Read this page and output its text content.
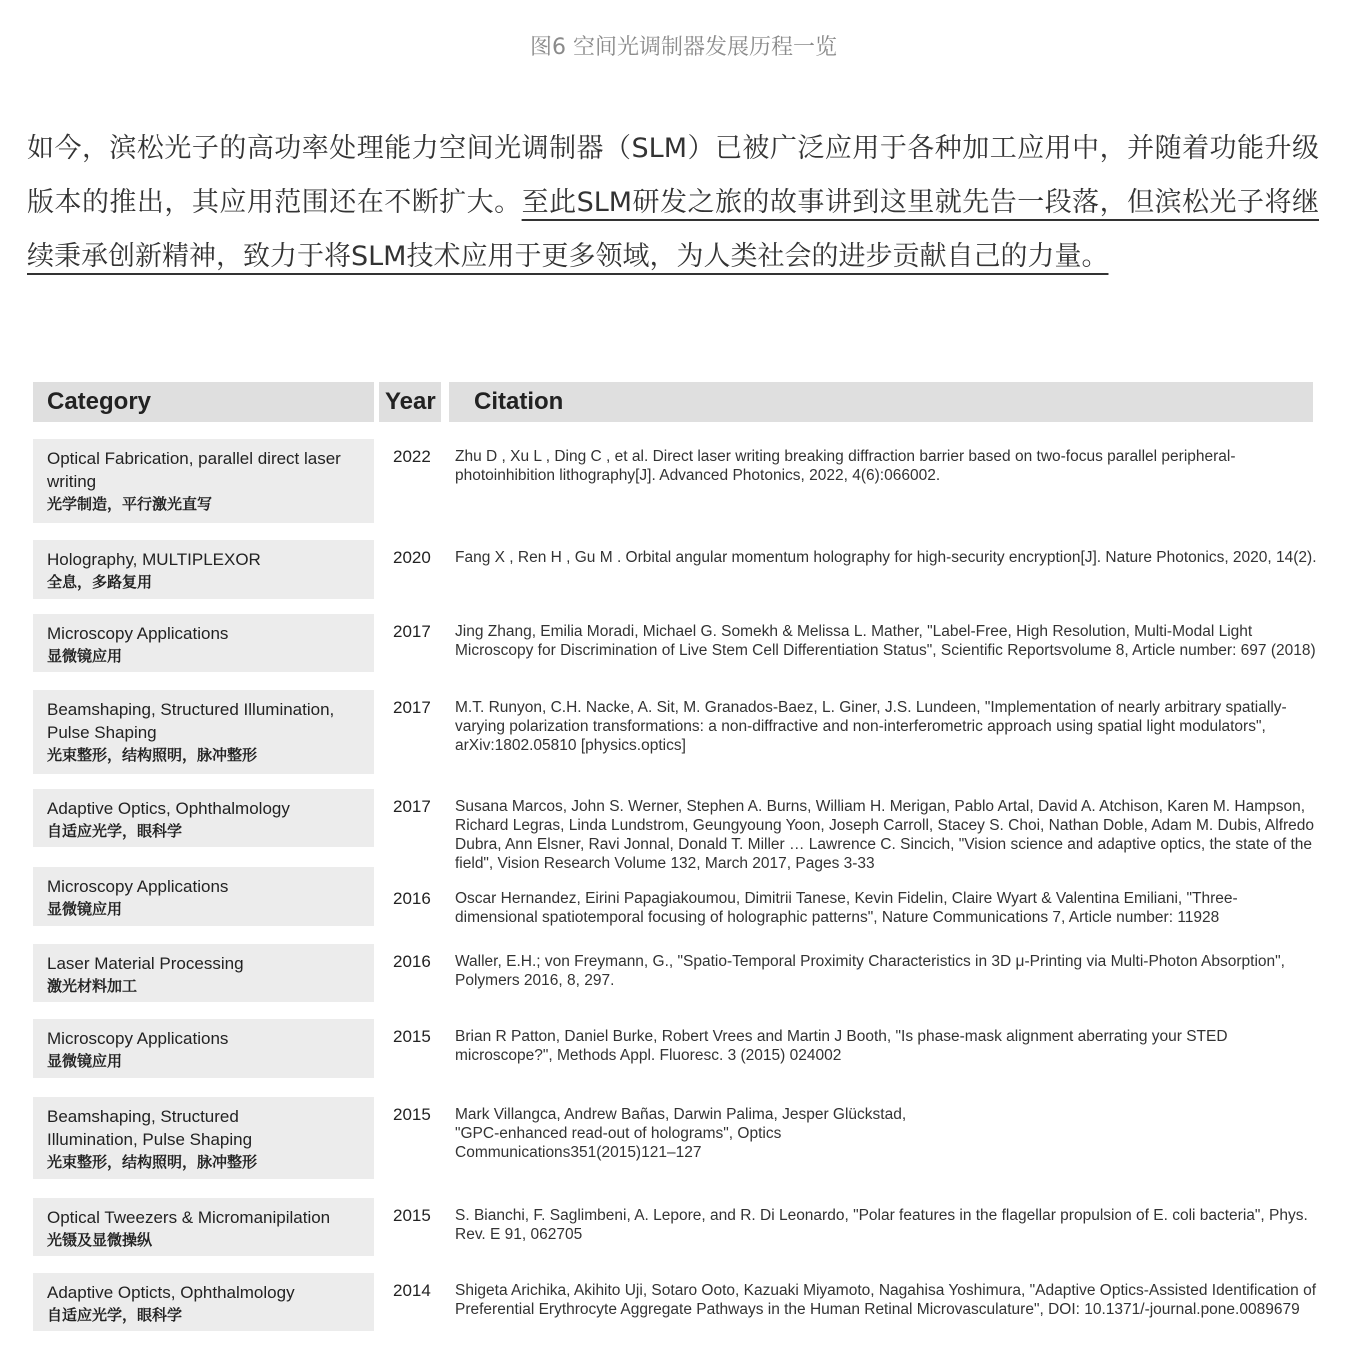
图6 空间光调制器发展历程一览

如今，滨松光子的高功率处理能力空间光调制器（SLM）已被广泛应用于各种加工应用中，并随着功能升级版本的推出，其应用范围还在不断扩大。至此SLM研发之旅的故事讲到这里就先告一段落，但滨松光子将继续秉承创新精神，致力于将SLM技术应用于更多领域，为人类社会的进步贡献自己的力量。

Category	Year	Citation
Optical Fabrication, parallel direct laser writing
光学制造，平行激光直写
2022 Zhu D , Xu L , Ding C , et al. Direct laser writing breaking diffraction barrier based on two-focus parallel peripheral-photoinhibition lithography[J]. Advanced Photonics, 2022, 4(6):066002.
Holography, MULTIPLEXOR
全息，多路复用
2020 Fang X , Ren H , Gu M . Orbital angular momentum holography for high-security encryption[J]. Nature Photonics, 2020, 14(2).
Microscopy Applications
显微镜应用
2017 Jing Zhang, Emilia Moradi, Michael G. Somekh & Melissa L. Mather, "Label-Free, High Resolution, Multi-Modal Light Microscopy for Discrimination of Live Stem Cell Differentiation Status", Scientific Reportsvolume 8, Article number: 697 (2018)
Beamshaping, Structured Illumination, Pulse Shaping
光束整形，结构照明，脉冲整形
2017 M.T. Runyon, C.H. Nacke, A. Sit, M. Granados-Baez, L. Giner, J.S. Lundeen, "Implementation of nearly arbitrary spatially-varying polarization transformations: a non-diffractive and non-interferometric approach using spatial light modulators", arXiv:1802.05810 [physics.optics]
Adaptive Optics, Ophthalmology
自适应光学，眼科学
2017 Susana Marcos, John S. Werner, Stephen A. Burns, William H. Merigan, Pablo Artal, David A. Atchison, Karen M. Hampson, Richard Legras, Linda Lundstrom, Geungyoung Yoon, Joseph Carroll, Stacey S. Choi, Nathan Doble, Adam M. Dubis, Alfredo Dubra, Ann Elsner, Ravi Jonnal, Donald T. Miller … Lawrence C. Sincich, "Vision science and adaptive optics, the state of the field", Vision Research Volume 132, March 2017, Pages 3-33
Microscopy Applications
显微镜应用
2016 Oscar Hernandez, Eirini Papagiakoumou, Dimitrii Tanese, Kevin Fidelin, Claire Wyart & Valentina Emiliani, "Three-dimensional spatiotemporal focusing of holographic patterns", Nature Communications 7, Article number: 11928
Laser Material Processing
激光材料加工
2016 Waller, E.H.; von Freymann, G., "Spatio-Temporal Proximity Characteristics in 3D μ-Printing via Multi-Photon Absorption", Polymers 2016, 8, 297.
Microscopy Applications
显微镜应用
2015 Brian R Patton, Daniel Burke, Robert Vrees and Martin J Booth, "Is phase-mask alignment aberrating your STED microscope?", Methods Appl. Fluoresc. 3 (2015) 024002
Beamshaping, Structured Illumination, Pulse Shaping
光束整形，结构照明，脉冲整形
2015 Mark Villangca, Andrew Bañas, Darwin Palima, Jesper Glückstad, "GPC-enhanced read-out of holograms", Optics Communications351(2015)121–127
Optical Tweezers & Micromanipilation
光镊及显微操纵
2015 S. Bianchi, F. Saglimbeni, A. Lepore, and R. Di Leonardo, "Polar features in the flagellar propulsion of E. coli bacteria", Phys. Rev. E 91, 062705
Adaptive Opticts, Ophthalmology
自适应光学，眼科学
2014 Shigeta Arichika, Akihito Uji, Sotaro Ooto, Kazuaki Miyamoto, Nagahisa Yoshimura, "Adaptive Optics-Assisted Identification of Preferential Erythrocyte Aggregate Pathways in the Human Retinal Microvasculature", DOI: 10.1371/-journal.pone.0089679
